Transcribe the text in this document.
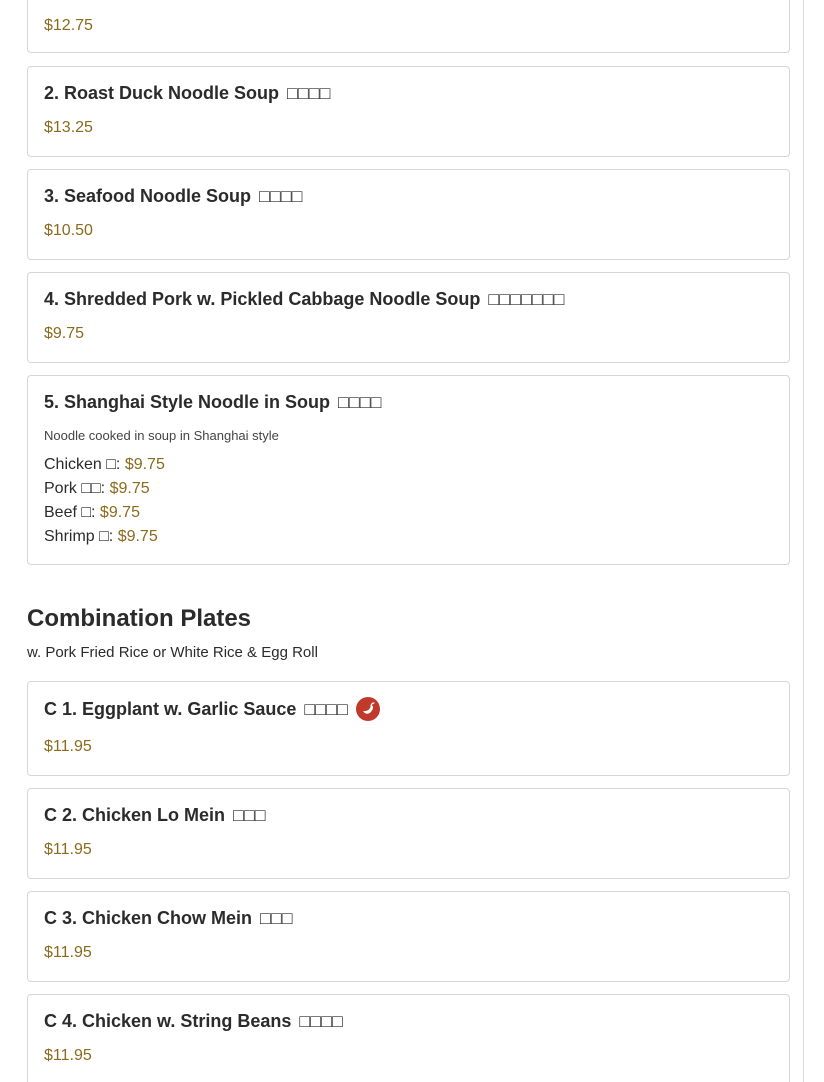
$12.75
2. Roast Duck Noodle Soup □□□□
$13.25
3. Seafood Noodle Soup □□□□
$10.50
4. Shredded Pork w. Pickled Cabbage Noodle Soup □□□□□□□
$9.75
5. Shanghai Style Noodle in Soup □□□□
Noodle cooked in soup in Shanghai style
Chicken □: $9.75
Pork □□: $9.75
Beef □: $9.75
Shrimp □: $9.75
Combination Plates
w. Pork Fried Rice or White Rice & Egg Roll
C 1. Eggplant w. Garlic Sauce □□□□
$11.95
C 2. Chicken Lo Mein □□□
$11.95
C 3. Chicken Chow Mein □□□
$11.95
C 4. Chicken w. String Beans □□□□
$11.95
